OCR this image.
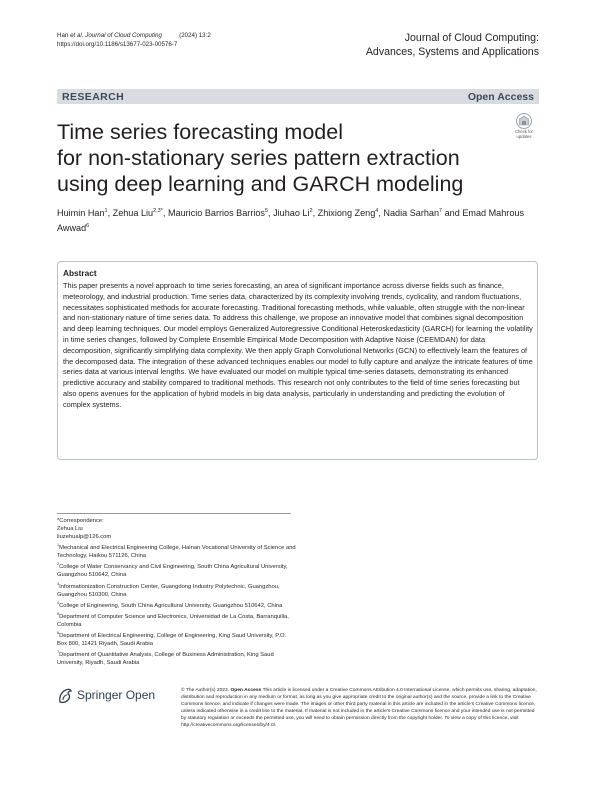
Han et al. Journal of Cloud Computing	(2024) 13:2
https://doi.org/10.1186/s13677-023-00576-7
Journal of Cloud Computing:
Advances, Systems and Applications
RESEARCH	Open Access
Check for
updates
Time series forecasting model
for non-stationary series pattern extraction
using deep learning and GARCH modeling
Huimin Han$^1$, Zehua Liu$^{2,3*}$, Mauricio Barrios Barrios$^5$, Jiuhao Li$^2$, Zhixiong Zeng$^4$, Nadia Sarhan$^7$ and Emad Mahrous Awwad$^6$
Abstract
This paper presents a novel approach to time series forecasting, an area of significant importance across diverse fields such as finance, meteorology, and industrial production. Time series data, characterized by its complexity involving trends, cyclicality, and random fluctuations, necessitates sophisticated methods for accurate forecasting. Traditional forecasting methods, while valuable, often struggle with the non-linear and non-stationary nature of time series data. To address this challenge, we propose an innovative model that combines signal decomposition and deep learning techniques. Our model employs Generalized Autoregressive Conditional Heteroskedasticity (GARCH) for learning the volatility in time series changes, followed by Complete Ensemble Empirical Mode Decomposition with Adaptive Noise (CEEMDAN) for data decomposition, significantly simplifying data complexity. We then apply Graph Convolutional Networks (GCN) to effectively learn the features of the decomposed data. The integration of these advanced techniques enables our model to fully capture and analyze the intricate features of time series data at various interval lengths. We have evaluated our model on multiple typical time-series datasets, demonstrating its enhanced predictive accuracy and stability compared to traditional methods. This research not only contributes to the field of time series forecasting but also opens avenues for the application of hybrid models in big data analysis, particularly in understanding and predicting the evolution of complex systems.

*Correspondence:

Zehua Liu

liuzehualp@126.com

$^1$Mechanical and Electrical Engineering College, Hainan Vocational University of Science and Technology, Haikou 571126, China

$^2$College of Water Conservancy and Civil Engineering, South China Agricultural University, Guangzhou 510642, China

$^3$Informationization Construction Center, Guangdong Industry Polytechnic, Guangzhou, Guangzhou 510300, China

$^4$College of Engineering, South China Agricultural University, Guangzhou 510642, China

$^5$Department of Computer Science and Electronics, Universidad de La Costa, Barranquilla, Colombia

$^6$Department of Electrical Engineering, College of Engineering, King Saud University, P.O. Box 800, 11421 Riyadh, Saudi Arabia

$^7$Department of Quantitative Analysis, College of Business Administration, King Saud University, Riyadh, Saudi Arabia

Springer Open	© The Author(s) 2023. Open Access This article is licensed under a Creative Commons Attribution 4.0 International License, which permits use, sharing, adaptation, distribution and reproduction in any medium or format, as long as you give appropriate credit to the original author(s) and the source, provide a link to the Creative Commons licence, and indicate if changes were made. The images or other third party material in this article are included in the article's Creative Commons licence, unless indicated otherwise in a credit line to the material. If material is not included in the article's Creative Commons licence and your intended use is not permitted by statutory regulation or exceeds the permitted use, you will need to obtain permission directly from the copyright holder. To view a copy of this licence, visit http://creativecommons.org/licenses/by/4.0/.
